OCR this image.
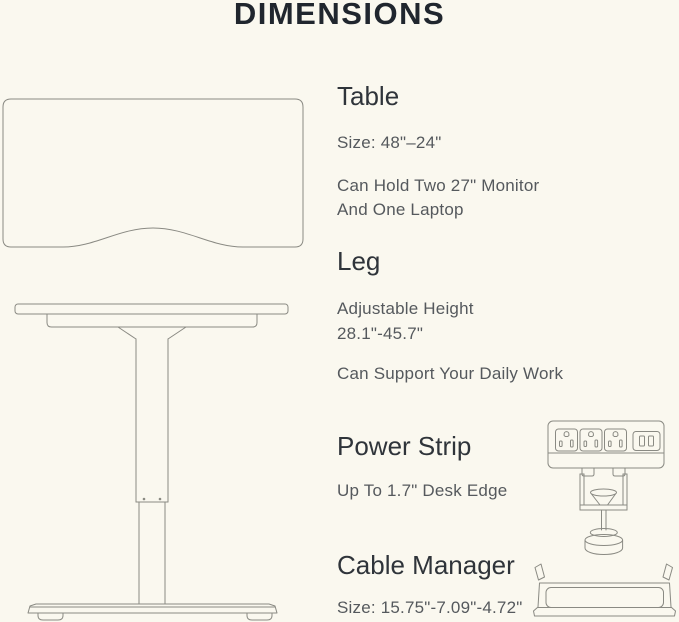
DIMENSIONS
Table
Size: 48"–24"
Can Hold Two 27" Monitor
And One Laptop
Leg
Adjustable Height
28.1"-45.7"
Can Support Your Daily Work
Power Strip
Up To 1.7" Desk Edge
Cable Manager
Size: 15.75"-7.09"-4.72"
